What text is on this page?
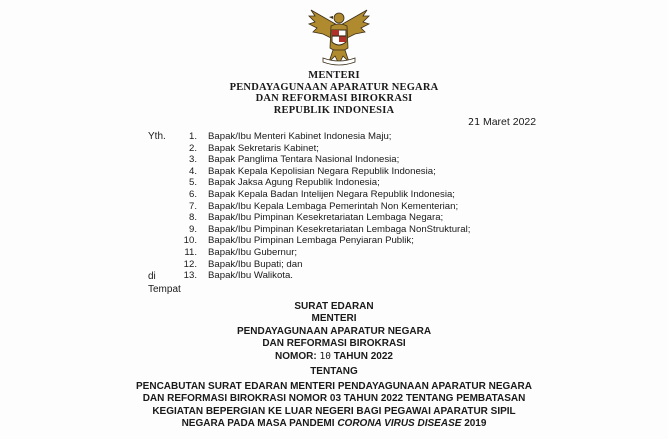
MENTERI
PENDAYAGUNAAN APARATUR NEGARA
DAN REFORMASI BIROKRASI
REPUBLIK INDONESIA
21 Maret 2022
Yth. 1. Bapak/Ibu Menteri Kabinet Indonesia Maju;
2. Bapak Sekretaris Kabinet;
3. Bapak Panglima Tentara Nasional Indonesia;
4. Bapak Kepala Kepolisian Negara Republik Indonesia;
5. Bapak Jaksa Agung Republik Indonesia;
6. Bapak Kepala Badan Intelijen Negara Republik Indonesia;
7. Bapak/Ibu Kepala Lembaga Pemerintah Non Kementerian;
8. Bapak/Ibu Pimpinan Kesekretariatan Lembaga Negara;
9. Bapak/Ibu Pimpinan Kesekretariatan Lembaga NonStruktural;
10. Bapak/Ibu Pimpinan Lembaga Penyiaran Publik;
11. Bapak/Ibu Gubernur;
12. Bapak/Ibu Bupati; dan
13. Bapak/Ibu Walikota.
di
Tempat
SURAT EDARAN
MENTERI
PENDAYAGUNAAN APARATUR NEGARA
DAN REFORMASI BIROKRASI
NOMOR: 10 TAHUN 2022
TENTANG
PENCABUTAN SURAT EDARAN MENTERI PENDAYAGUNAAN APARATUR NEGARA
DAN REFORMASI BIROKRASI NOMOR 03 TAHUN 2022 TENTANG PEMBATASAN
KEGIATAN BEPERGIAN KE LUAR NEGERI BAGI PEGAWAI APARATUR SIPIL
NEGARA PADA MASA PANDEMI CORONA VIRUS DISEASE 2019
